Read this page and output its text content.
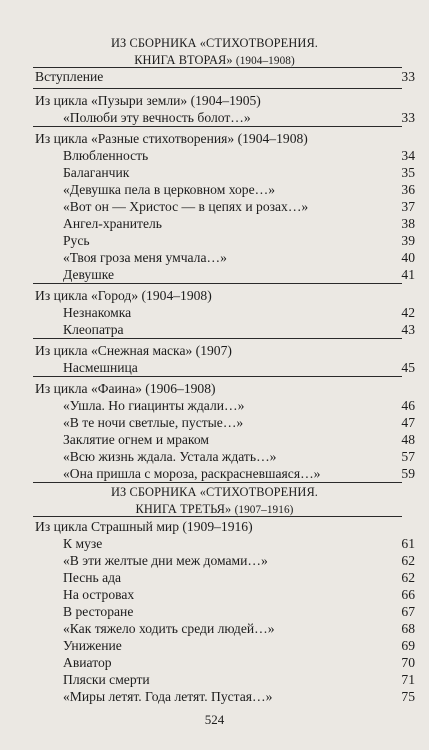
ИЗ СБОРНИКА «СТИХОТВОРЕНИЯ.
КНИГА ВТОРАЯ» (1904–1908)
Вступление	33
Из цикла «Пузыри земли» (1904–1905)
«Полюби эту вечность болот…»	33
Из цикла «Разные стихотворения» (1904–1908)
Влюбленность	34
Балаганчик	35
«Девушка пела в церковном хоре…»	36
«Вот он — Христос — в цепях и розах…»	37
Ангел-хранитель	38
Русь	39
«Твоя гроза меня умчала…»	40
Девушке	41
Из цикла «Город» (1904–1908)
Незнакомка	42
Клеопатра	43
Из цикла «Снежная маска» (1907)
Насмешница	45
Из цикла «Фаина» (1906–1908)
«Ушла. Но гиацинты ждали…»	46
«В те ночи светлые, пустые…»	47
Заклятие огнем и мраком	48
«Всю жизнь ждала. Устала ждать…»	57
«Она пришла с мороза, раскрасневшаяся…»	59
ИЗ СБОРНИКА «СТИХОТВОРЕНИЯ.
КНИГА ТРЕТЬЯ» (1907–1916)
Из цикла Страшный мир (1909–1916)
К музе	61
«В эти желтые дни меж домами…»	62
Песнь ада	62
На островах	66
В ресторане	67
«Как тяжело ходить среди людей…»	68
Унижение	69
Авиатор	70
Пляски смерти	71
«Миры летят. Года летят. Пустая…»	75
524
